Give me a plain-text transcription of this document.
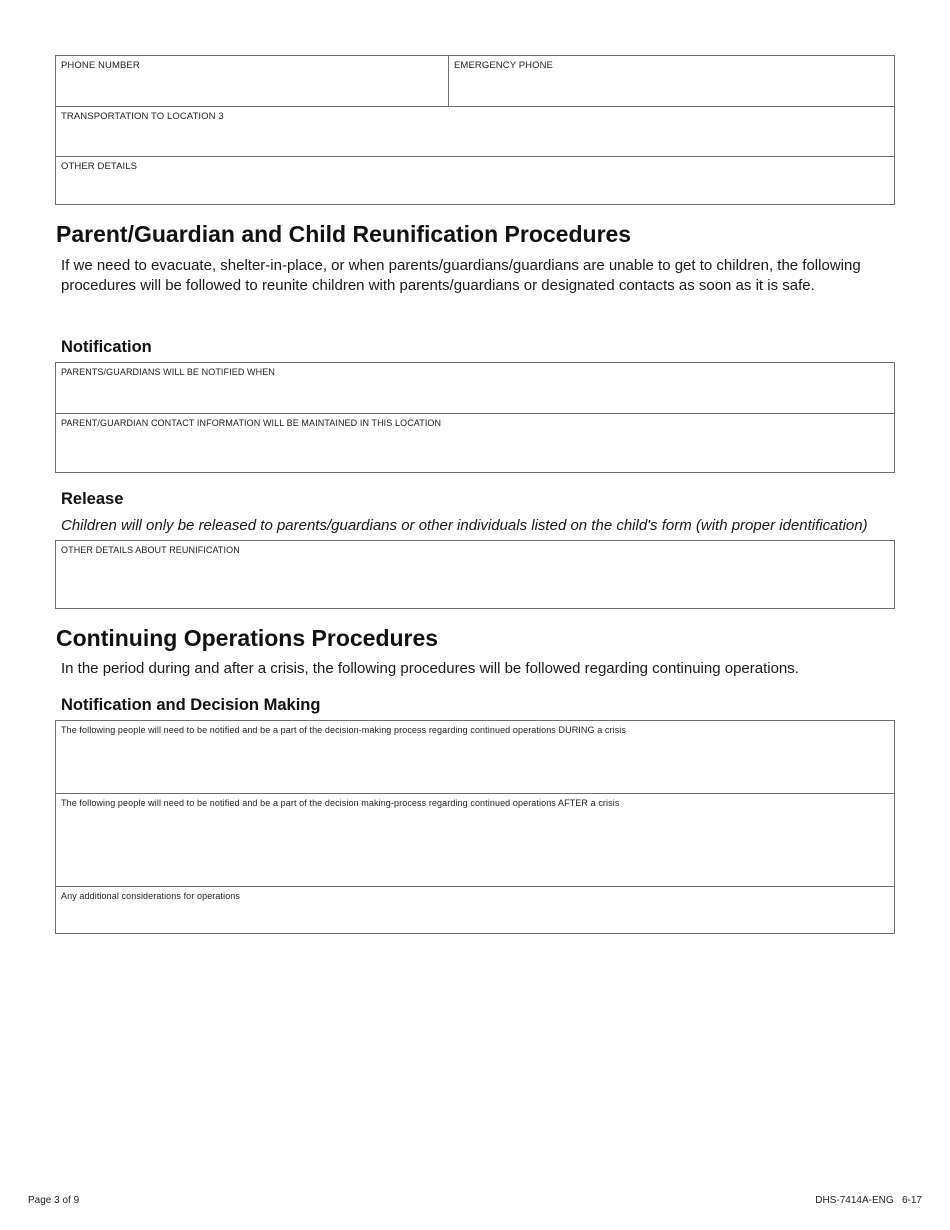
PHONE NUMBER	EMERGENCY PHONE
TRANSPORTATION TO LOCATION 3
OTHER DETAILS
Parent/Guardian and Child Reunification Procedures

If we need to evacuate, shelter-in-place, or when parents/guardians/guardians are unable to get to children, the following procedures will be followed to reunite children with parents/guardians or designated contacts as soon as it is safe.

Notification
PARENTS/GUARDIANS WILL BE NOTIFIED WHEN
PARENT/GUARDIAN CONTACT INFORMATION WILL BE MAINTAINED IN THIS LOCATION
Release

Children will only be released to parents/guardians or other individuals listed on the child's form (with proper identification)

OTHER DETAILS ABOUT REUNIFICATION
Continuing Operations Procedures

In the period during and after a crisis, the following procedures will be followed regarding continuing operations.

Notification and Decision Making
The following people will need to be notified and be a part of the decision-making process regarding continued operations DURING a crisis
The following people will need to be notified and be a part of the decision making-process regarding continued operations AFTER a crisis
Any additional considerations for operations
Page 3 of 9	DHS-7414A-ENG   6-17
